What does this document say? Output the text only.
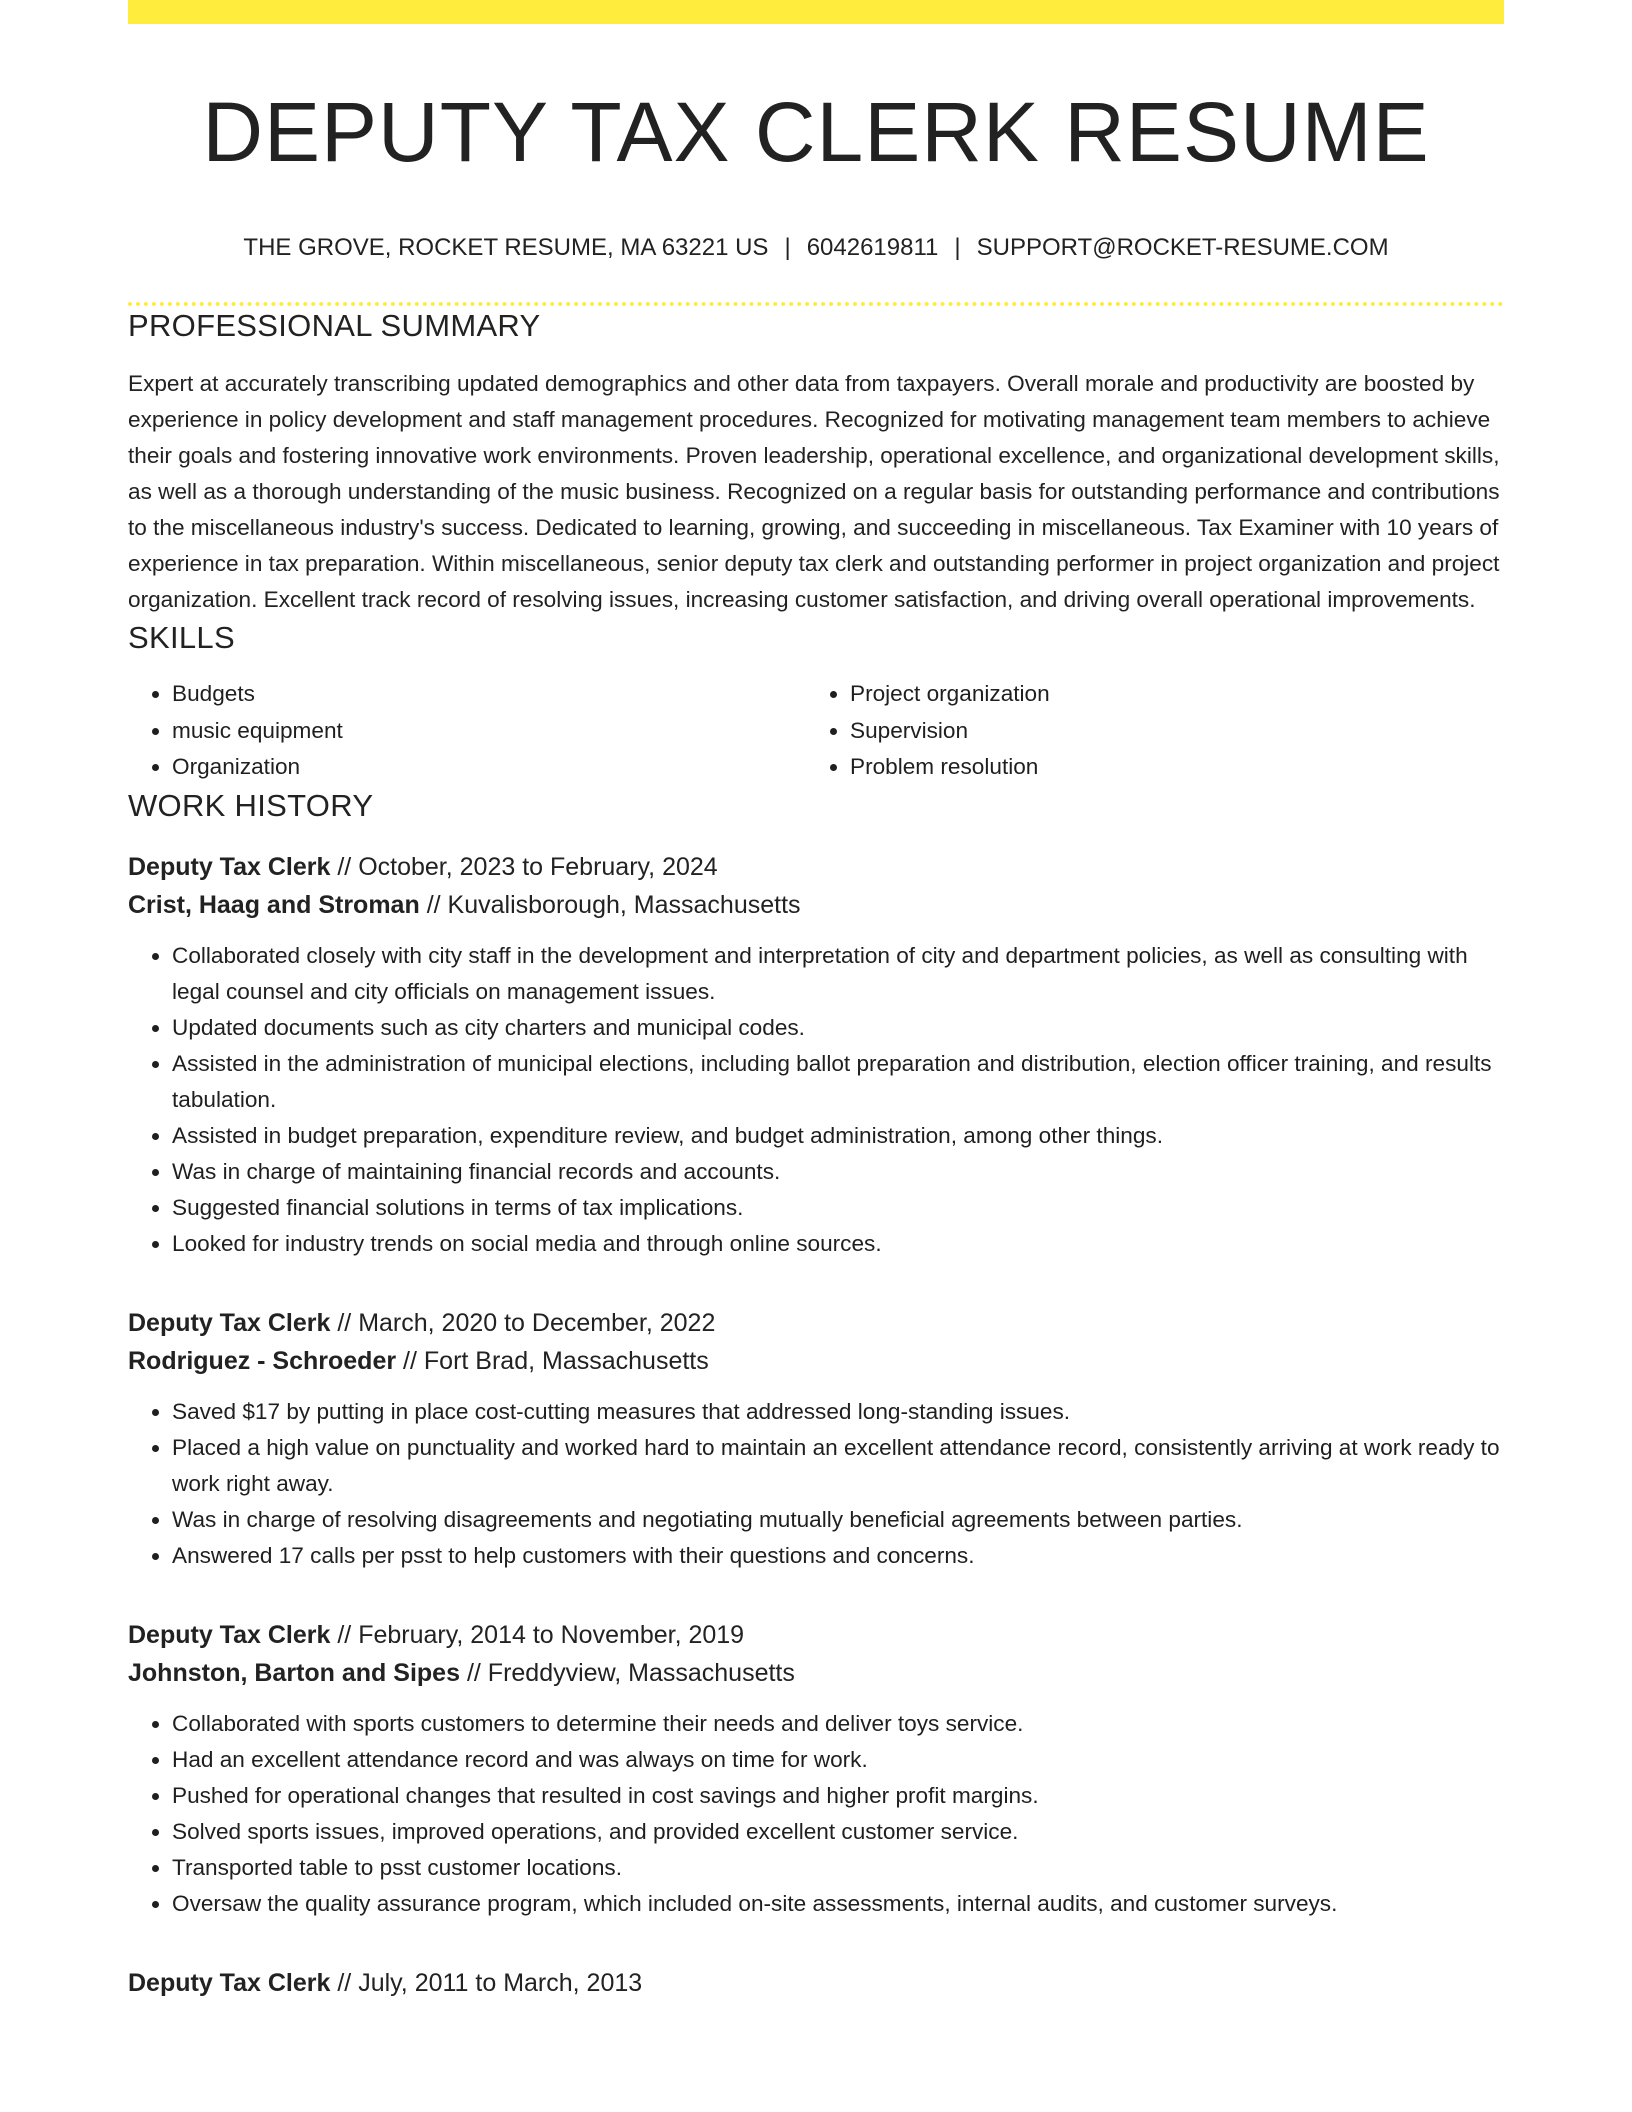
DEPUTY TAX CLERK RESUME
THE GROVE, ROCKET RESUME, MA 63221 US | 6042619811 | SUPPORT@ROCKET-RESUME.COM
PROFESSIONAL SUMMARY
Expert at accurately transcribing updated demographics and other data from taxpayers. Overall morale and productivity are boosted by experience in policy development and staff management procedures. Recognized for motivating management team members to achieve their goals and fostering innovative work environments. Proven leadership, operational excellence, and organizational development skills, as well as a thorough understanding of the music business. Recognized on a regular basis for outstanding performance and contributions to the miscellaneous industry's success. Dedicated to learning, growing, and succeeding in miscellaneous. Tax Examiner with 10 years of experience in tax preparation. Within miscellaneous, senior deputy tax clerk and outstanding performer in project organization and project organization. Excellent track record of resolving issues, increasing customer satisfaction, and driving overall operational improvements.
SKILLS
• Budgets
• music equipment
• Organization
• Project organization
• Supervision
• Problem resolution
WORK HISTORY
Deputy Tax Clerk // October, 2023 to February, 2024
Crist, Haag and Stroman // Kuvalisborough, Massachusetts
• Collaborated closely with city staff in the development and interpretation of city and department policies, as well as consulting with legal counsel and city officials on management issues.
• Updated documents such as city charters and municipal codes.
• Assisted in the administration of municipal elections, including ballot preparation and distribution, election officer training, and results tabulation.
• Assisted in budget preparation, expenditure review, and budget administration, among other things.
• Was in charge of maintaining financial records and accounts.
• Suggested financial solutions in terms of tax implications.
• Looked for industry trends on social media and through online sources.
Deputy Tax Clerk // March, 2020 to December, 2022
Rodriguez - Schroeder // Fort Brad, Massachusetts
• Saved $17 by putting in place cost-cutting measures that addressed long-standing issues.
• Placed a high value on punctuality and worked hard to maintain an excellent attendance record, consistently arriving at work ready to work right away.
• Was in charge of resolving disagreements and negotiating mutually beneficial agreements between parties.
• Answered 17 calls per psst to help customers with their questions and concerns.
Deputy Tax Clerk // February, 2014 to November, 2019
Johnston, Barton and Sipes // Freddyview, Massachusetts
• Collaborated with sports customers to determine their needs and deliver toys service.
• Had an excellent attendance record and was always on time for work.
• Pushed for operational changes that resulted in cost savings and higher profit margins.
• Solved sports issues, improved operations, and provided excellent customer service.
• Transported table to psst customer locations.
• Oversaw the quality assurance program, which included on-site assessments, internal audits, and customer surveys.
Deputy Tax Clerk // July, 2011 to March, 2013
